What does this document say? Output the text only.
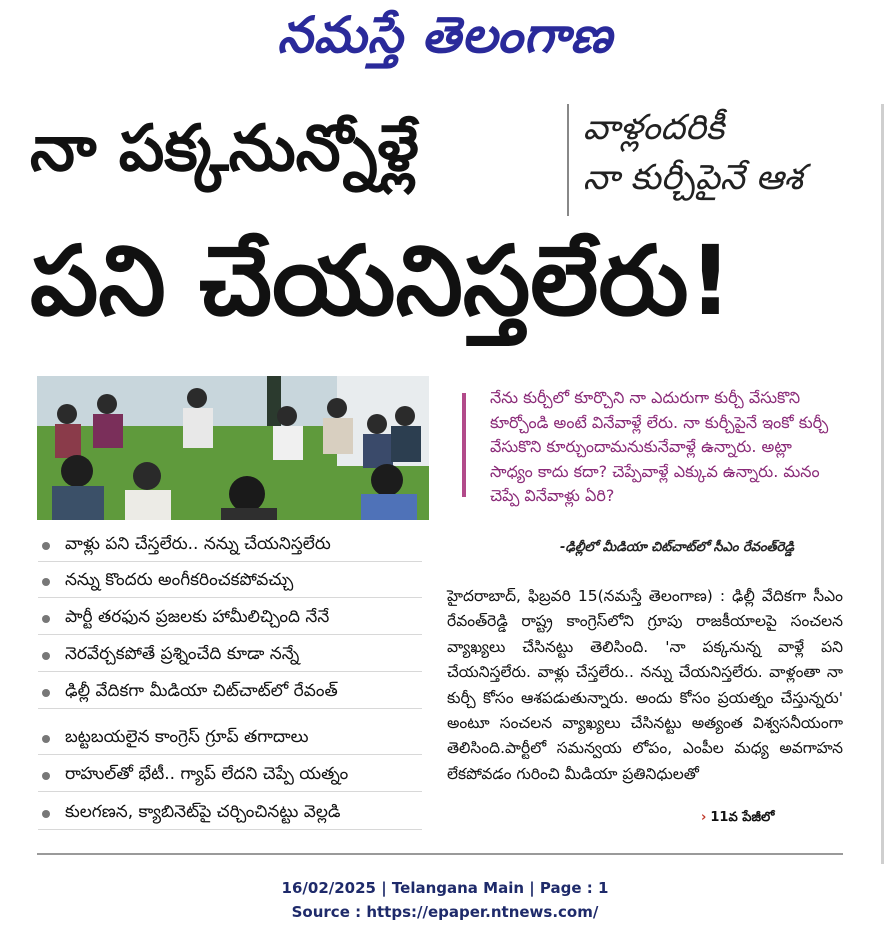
నమస్తే తెలంగాణ
నా పక్కనున్నోళ్లే	వాళ్లందరికీ
నా కుర్చీపైనే ఆశ
పని చేయనిస్తలేరు!
నేను కుర్చీలో కూర్చొని నా ఎదురుగా కుర్చీ వేసుకొని కూర్చోండి అంటే వినేవాళ్లే లేరు. నా కుర్చీపైనే ఇంకో కుర్చీ వేసుకొని కూర్చుందామనుకునేవాళ్లే ఉన్నారు. అట్లా సాధ్యం కాదు కదా? చెప్పేవాళ్లే ఎక్కువ ఉన్నారు. మనం చెప్పే వినేవాళ్లు ఏరి?
-ఢిల్లీలో మీడియా చిట్‌చాట్‌లో సీఎం రేవంత్‌రెడ్డి
వాళ్లు పని చేస్తలేరు.. నన్ను చేయనిస్తలేరు
నన్ను కొందరు అంగీకరించకపోవచ్చు
పార్టీ తరఫున ప్రజలకు హామీలిచ్చింది నేనే
నెరవేర్చకపోతే ప్రశ్నించేది కూడా నన్నే
ఢిల్లీ వేదికగా మీడియా చిట్‌చాట్‌లో రేవంత్
బట్టబయలైన కాంగ్రెస్ గ్రూప్ తగాదాలు
రాహుల్‌తో భేటీ.. గ్యాప్ లేదని చెప్పే యత్నం
కులగణన, క్యాబినెట్‌పై చర్చించినట్టు వెల్లడి
హైదరాబాద్, ఫిబ్రవరి 15(నమస్తే తెలంగాణ) : ఢిల్లీ వేదికగా సీఎం రేవంత్‌రెడ్డి రాష్ట్ర కాంగ్రెస్‌లోని గ్రూపు రాజకీయాలపై సంచలన వ్యాఖ్యలు చేసినట్టు తెలిసింది. 'నా పక్కనున్న వాళ్లే పని చేయనిస్తలేరు. వాళ్లు చేస్తలేరు.. నన్ను చేయనిస్తలేరు. వాళ్లంతా నా కుర్చీ కోసం ఆశపడుతున్నారు. అందు కోసం ప్రయత్నం చేస్తున్నరు' అంటూ సంచలన వ్యాఖ్యలు చేసినట్టు అత్యంత విశ్వసనీయంగా తెలిసింది.పార్టీలో సమన్వయ లోపం, ఎంపీల మధ్య అవగాహన లేకపోవడం గురించి మీడియా ప్రతినిధులతో
› 11వ పేజీలో
16/02/2025 | Telangana Main | Page : 1
Source : https://epaper.ntnews.com/
